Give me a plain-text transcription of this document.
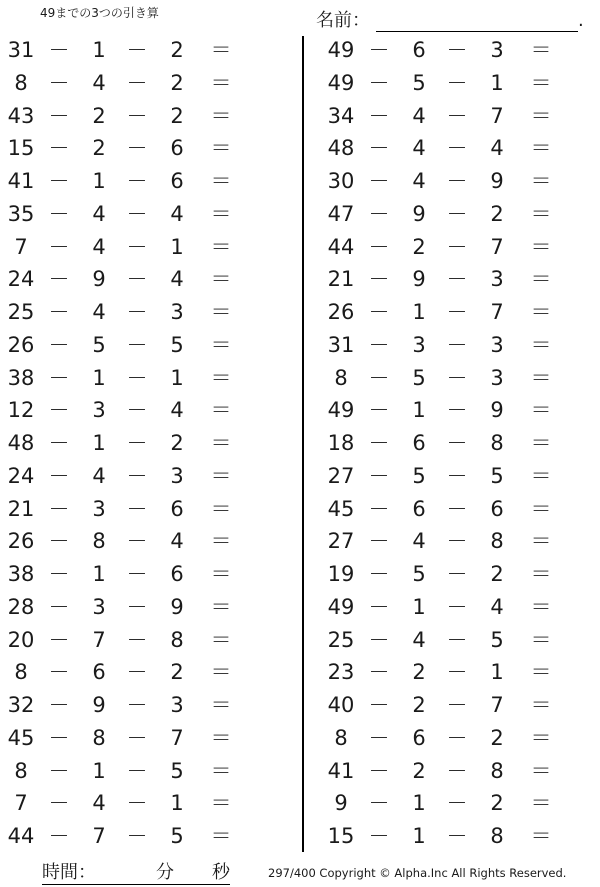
49までの3つの引き算	名前：	.
31 －	1 －	2	＝
8 －	4 －	2	＝
43 －	2 －	2	＝
15 －	2 －	6	＝
41 －	1 －	6	＝
35 －	4 －	4	＝
7 －	4 －	1	＝
24 －	9 －	4	＝
25 －	4 －	3	＝
26 －	5 －	5	＝
38 －	1 －	1	＝
12 －	3 －	4	＝
48 －	1 －	2	＝
24 －	4 －	3	＝
21 －	3 －	6	＝
26 －	8 －	4	＝
38 －	1 －	6	＝
28 －	3 －	9	＝
20 －	7 －	8	＝
8 －	6 －	2	＝
32 －	9 －	3	＝
45 －	8 －	7	＝
8 －	1 －	5	＝
7 －	4 －	1	＝
44 －	7 －	5	＝
49 －	6 －	3	＝
49 －	5 －	1	＝
34 －	4 －	7	＝
48 －	4 －	4	＝
30 －	4 －	9	＝
47 －	9 －	2	＝
44 －	2 －	7	＝
21 －	9 －	3	＝
26 －	1 －	7	＝
31 －	3 －	3	＝
8 －	5 －	3	＝
49 －	1 －	9	＝
18 －	6 －	8	＝
27 －	5 －	5	＝
45 －	6 －	6	＝
27 －	4 －	8	＝
19 －	5 －	2	＝
49 －	1 －	4	＝
25 －	4 －	5	＝
23 －	2 －	1	＝
40 －	2 －	7	＝
8 －	6 －	2	＝
41 －	2 －	8	＝
9 －	1 －	2	＝
15 －	1 －	8	＝
時間：	分 秒	297/400 Copyright © Alpha.Inc All Rights Reserved.
